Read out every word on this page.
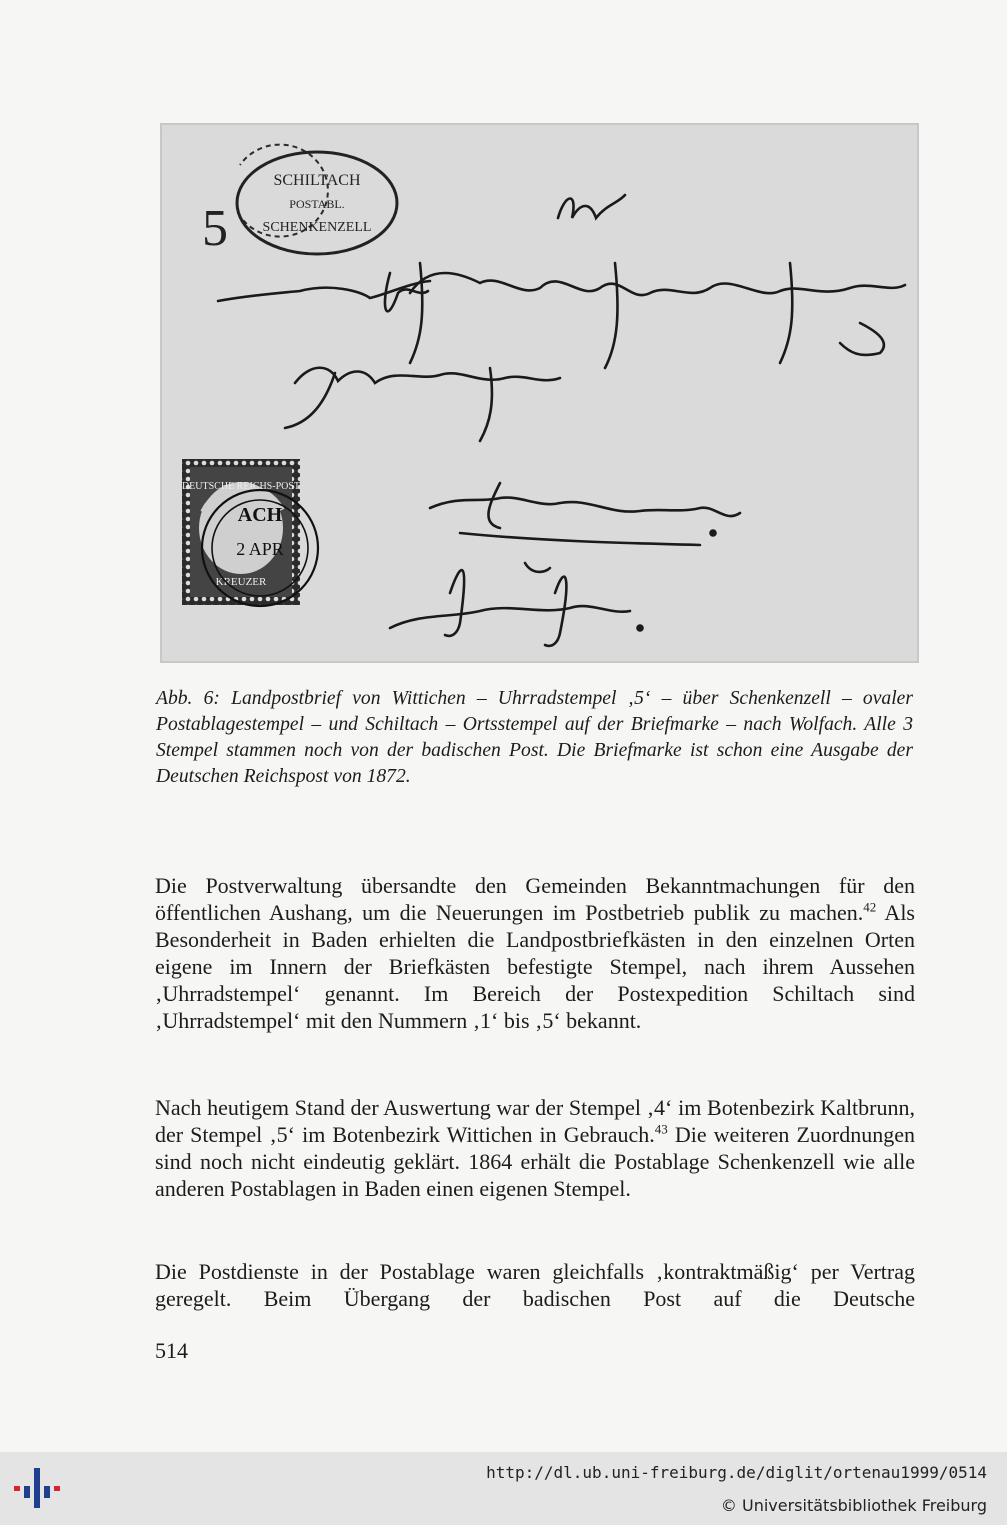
5
SCHILTACH
POSTABL.
SCHENKENZELL
An
das fürstlich fürstenbergische
Wohllöbliche
Rentamt.
in
Wolfach.
DEUTSCHE REICHS-POST
KREUZER
ACH
2 APR

Abb. 6: Landpostbrief von Wittichen – Uhrradstempel ‚5‘ – über Schenkenzell – ovaler Postablagestempel – und Schiltach – Ortsstempel auf der Briefmarke – nach Wolfach. Alle 3 Stempel stammen noch von der badischen Post. Die Briefmarke ist schon eine Ausgabe der Deutschen Reichspost von 1872.

Die Postverwaltung übersandte den Gemeinden Bekanntmachungen für den öffentlichen Aushang, um die Neuerungen im Postbetrieb publik zu machen.$^{42}$ Als Besonderheit in Baden erhielten die Landpostbriefkästen in den einzelnen Orten eigene im Innern der Briefkästen befestigte Stempel, nach ihrem Aussehen ‚Uhrradstempel‘ genannt. Im Bereich der Postexpedition Schiltach sind ‚Uhrradstempel‘ mit den Nummern ‚1‘ bis ‚5‘ bekannt.

Nach heutigem Stand der Auswertung war der Stempel ‚4‘ im Botenbezirk Kaltbrunn, der Stempel ‚5‘ im Botenbezirk Wittichen in Gebrauch.$^{43}$ Die weiteren Zuordnungen sind noch nicht eindeutig geklärt. 1864 erhält die Postablage Schenkenzell wie alle anderen Postablagen in Baden einen eigenen Stempel.

Die Postdienste in der Postablage waren gleichfalls ‚kontraktmäßig‘ per Vertrag geregelt. Beim Übergang der badischen Post auf die Deutsche

514
http://dl.ub.uni-freiburg.de/diglit/ortenau1999/0514
© Universitätsbibliothek Freiburg
